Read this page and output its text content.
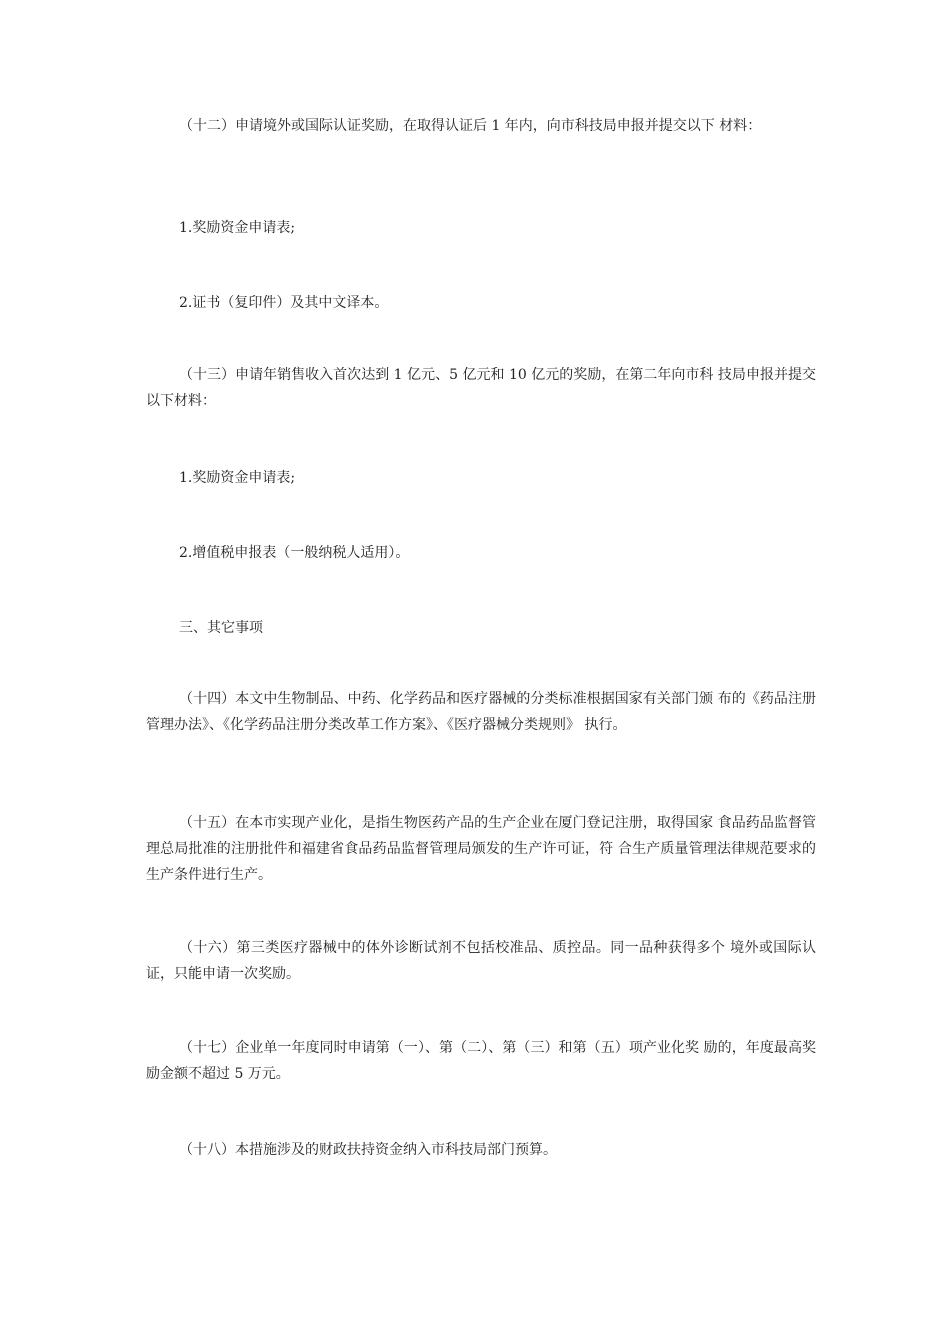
（十二）申请境外或国际认证奖励，在取得认证后 1 年内，向市科技局申报并提交以下 材料：

1.奖励资金申请表;

2.证书（复印件）及其中文译本。

（十三）申请年销售收入首次达到 1 亿元、5 亿元和 10 亿元的奖励，在第二年向市科 技局申报并提交以下材料：

1.奖励资金申请表;

2.增值税申报表（一般纳税人适用）。

三、其它事项

（十四）本文中生物制品、中药、化学药品和医疗器械的分类标准根据国家有关部门颁 布的《药品注册管理办法》、《化学药品注册分类改革工作方案》、《医疗器械分类规则》 执行。

（十五）在本市实现产业化，是指生物医药产品的生产企业在厦门登记注册，取得国家 食品药品监督管理总局批准的注册批件和福建省食品药品监督管理局颁发的生产许可证，符 合生产质量管理法律规范要求的生产条件进行生产。

（十六）第三类医疗器械中的体外诊断试剂不包括校准品、质控品。同一品种获得多个 境外或国际认证，只能申请一次奖励。

（十七）企业单一年度同时申请第（一）、第（二）、第（三）和第（五）项产业化奖 励的，年度最高奖励金额不超过 5 万元。

（十八）本措施涉及的财政扶持资金纳入市科技局部门预算。
